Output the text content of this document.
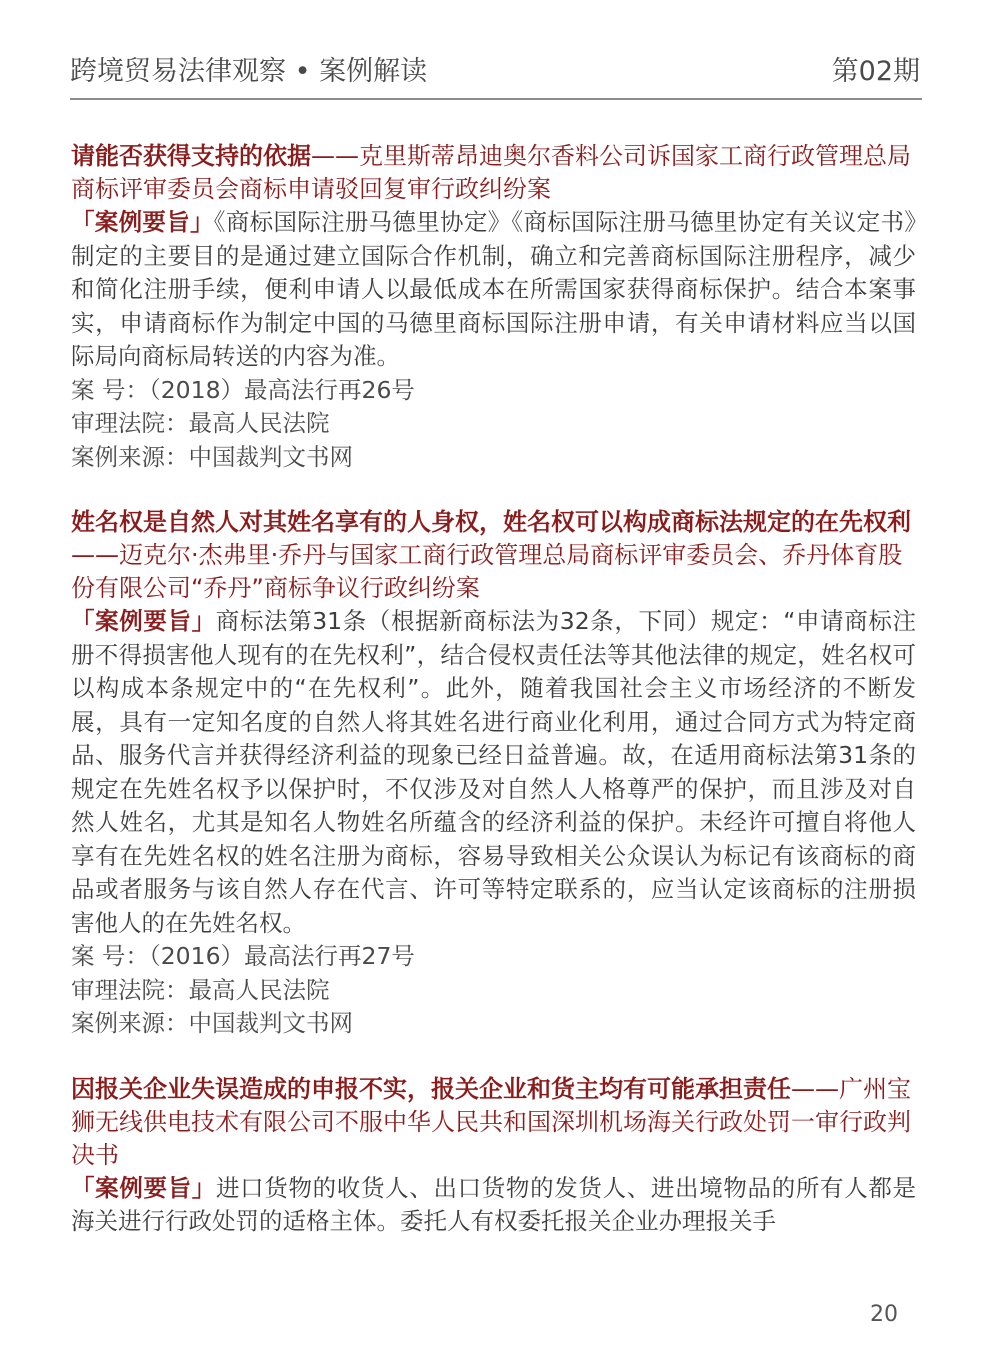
跨境贸易法律观察 • 案例解读	第02期

请能否获得支持的依据——克里斯蒂昂迪奥尔香料公司诉国家工商行政管理总局商标评审委员会商标申请驳回复审行政纠纷案

「案例要旨」《商标国际注册马德里协定》《商标国际注册马德里协定有关议定书》制定的主要目的是通过建立国际合作机制，确立和完善商标国际注册程序，减少和简化注册手续，便利申请人以最低成本在所需国家获得商标保护。结合本案事实，申请商标作为制定中国的马德里商标国际注册申请，有关申请材料应当以国际局向商标局转送的内容为准。

案 号：（2018）最高法行再26号

审理法院：最高人民法院

案例来源：中国裁判文书网

姓名权是自然人对其姓名享有的人身权，姓名权可以构成商标法规定的在先权利——迈克尔·杰弗里·乔丹与国家工商行政管理总局商标评审委员会、乔丹体育股份有限公司“乔丹”商标争议行政纠纷案

「案例要旨」商标法第31条（根据新商标法为32条，下同）规定：“申请商标注册不得损害他人现有的在先权利”，结合侵权责任法等其他法律的规定，姓名权可以构成本条规定中的“在先权利”。此外，随着我国社会主义市场经济的不断发展，具有一定知名度的自然人将其姓名进行商业化利用，通过合同方式为特定商品、服务代言并获得经济利益的现象已经日益普遍。故，在适用商标法第31条的规定在先姓名权予以保护时，不仅涉及对自然人人格尊严的保护，而且涉及对自然人姓名，尤其是知名人物姓名所蕴含的经济利益的保护。未经许可擅自将他人享有在先姓名权的姓名注册为商标，容易导致相关公众误认为标记有该商标的商品或者服务与该自然人存在代言、许可等特定联系的，应当认定该商标的注册损害他人的在先姓名权。

案 号：（2016）最高法行再27号

审理法院：最高人民法院

案例来源：中国裁判文书网

因报关企业失误造成的申报不实，报关企业和货主均有可能承担责任——广州宝狮无线供电技术有限公司不服中华人民共和国深圳机场海关行政处罚一审行政判决书

「案例要旨」进口货物的收货人、出口货物的发货人、进出境物品的所有人都是海关进行行政处罚的适格主体。委托人有权委托报关企业办理报关手

20
